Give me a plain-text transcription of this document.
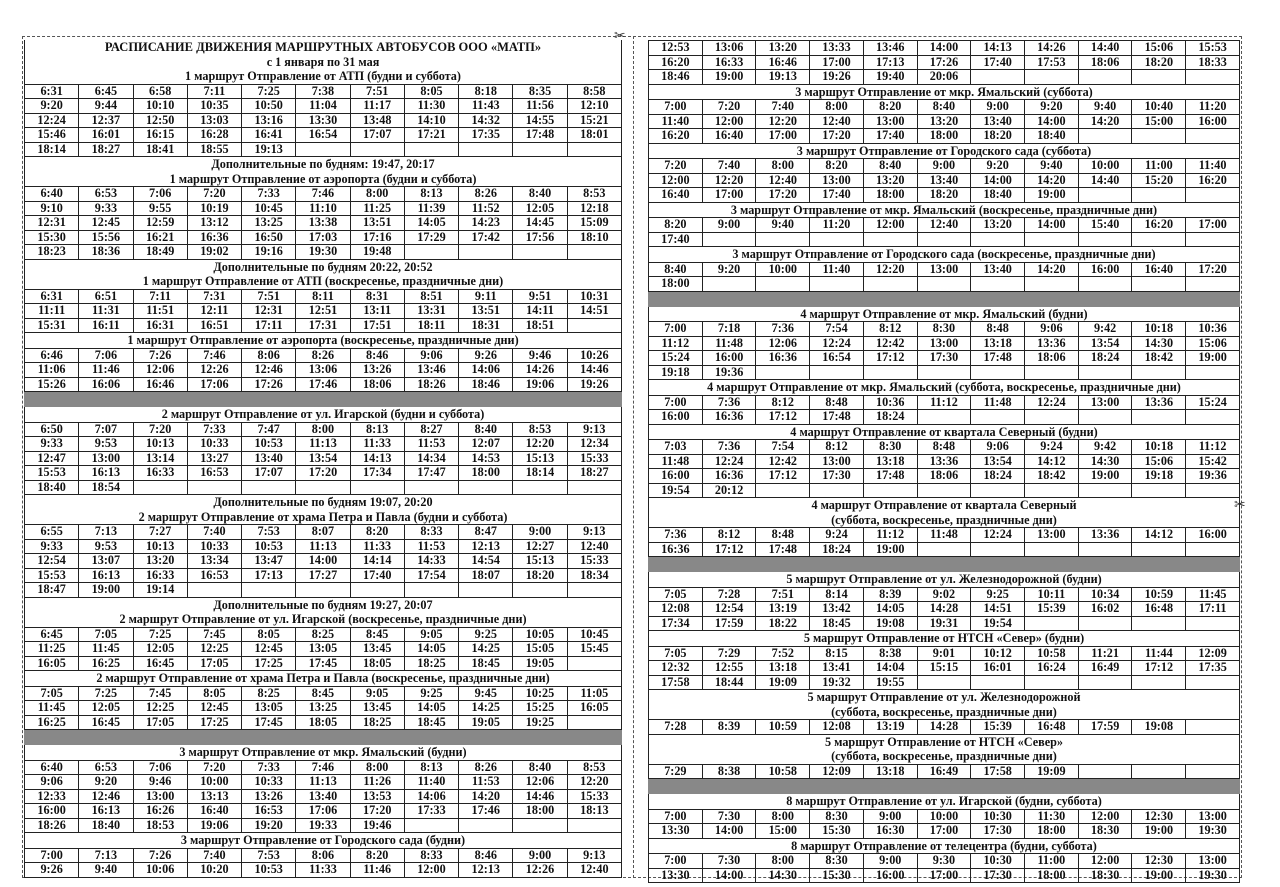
✂
✂
РАСПИСАНИЕ ДВИЖЕНИЯ МАРШРУТНЫХ АВТОБУСОВ ООО «МАТП»
с 1 января по 31 мая
1 маршрут Отправление от АТП (будни и суббота)
6:31	6:45	6:58	7:11	7:25	7:38	7:51	8:05	8:18	8:35	8:58
9:20	9:44	10:10	10:35	10:50	11:04	11:17	11:30	11:43	11:56	12:10
12:24	12:37	12:50	13:03	13:16	13:30	13:48	14:10	14:32	14:55	15:21
15:46	16:01	16:15	16:28	16:41	16:54	17:07	17:21	17:35	17:48	18:01
18:14	18:27	18:41	18:55	19:13						
Дополнительные по будням: 19:47, 20:17
1 маршрут Отправление от аэропорта (будни и суббота)
6:40	6:53	7:06	7:20	7:33	7:46	8:00	8:13	8:26	8:40	8:53
9:10	9:33	9:55	10:19	10:45	11:10	11:25	11:39	11:52	12:05	12:18
12:31	12:45	12:59	13:12	13:25	13:38	13:51	14:05	14:23	14:45	15:09
15:30	15:56	16:21	16:36	16:50	17:03	17:16	17:29	17:42	17:56	18:10
18:23	18:36	18:49	19:02	19:16	19:30	19:48				
Дополнительные по будням 20:22, 20:52
1 маршрут Отправление от АТП (воскресенье, праздничные дни)
6:31	6:51	7:11	7:31	7:51	8:11	8:31	8:51	9:11	9:51	10:31
11:11	11:31	11:51	12:11	12:31	12:51	13:11	13:31	13:51	14:11	14:51
15:31	16:11	16:31	16:51	17:11	17:31	17:51	18:11	18:31	18:51	
1 маршрут Отправление от аэропорта (воскресенье, праздничные дни)
6:46	7:06	7:26	7:46	8:06	8:26	8:46	9:06	9:26	9:46	10:26
11:06	11:46	12:06	12:26	12:46	13:06	13:26	13:46	14:06	14:26	14:46
15:26	16:06	16:46	17:06	17:26	17:46	18:06	18:26	18:46	19:06	19:26
2 маршрут Отправление от ул. Игарской (будни и суббота)
6:50	7:07	7:20	7:33	7:47	8:00	8:13	8:27	8:40	8:53	9:13
9:33	9:53	10:13	10:33	10:53	11:13	11:33	11:53	12:07	12:20	12:34
12:47	13:00	13:14	13:27	13:40	13:54	14:13	14:34	14:53	15:13	15:33
15:53	16:13	16:33	16:53	17:07	17:20	17:34	17:47	18:00	18:14	18:27
18:40	18:54									
Дополнительные по будням 19:07, 20:20
2 маршрут Отправление от храма Петра и Павла (будни и суббота)
6:55	7:13	7:27	7:40	7:53	8:07	8:20	8:33	8:47	9:00	9:13
9:33	9:53	10:13	10:33	10:53	11:13	11:33	11:53	12:13	12:27	12:40
12:54	13:07	13:20	13:34	13:47	14:00	14:14	14:33	14:54	15:13	15:33
15:53	16:13	16:33	16:53	17:13	17:27	17:40	17:54	18:07	18:20	18:34
18:47	19:00	19:14								
Дополнительные по будням 19:27, 20:07
2 маршрут Отправление от ул. Игарской (воскресенье, праздничные дни)
6:45	7:05	7:25	7:45	8:05	8:25	8:45	9:05	9:25	10:05	10:45
11:25	11:45	12:05	12:25	12:45	13:05	13:45	14:05	14:25	15:05	15:45
16:05	16:25	16:45	17:05	17:25	17:45	18:05	18:25	18:45	19:05	
2 маршрут Отправление от храма Петра и Павла (воскресенье, праздничные дни)
7:05	7:25	7:45	8:05	8:25	8:45	9:05	9:25	9:45	10:25	11:05
11:45	12:05	12:25	12:45	13:05	13:25	13:45	14:05	14:25	15:25	16:05
16:25	16:45	17:05	17:25	17:45	18:05	18:25	18:45	19:05	19:25	
3 маршрут Отправление от мкр. Ямальский (будни)
6:40	6:53	7:06	7:20	7:33	7:46	8:00	8:13	8:26	8:40	8:53
9:06	9:20	9:46	10:00	10:33	11:13	11:26	11:40	11:53	12:06	12:20
12:33	12:46	13:00	13:13	13:26	13:40	13:53	14:06	14:20	14:46	15:33
16:00	16:13	16:26	16:40	16:53	17:06	17:20	17:33	17:46	18:00	18:13
18:26	18:40	18:53	19:06	19:20	19:33	19:46				
3 маршрут Отправление от Городского сада (будни)
7:00	7:13	7:26	7:40	7:53	8:06	8:20	8:33	8:46	9:00	9:13
9:26	9:40	10:06	10:20	10:53	11:33	11:46	12:00	12:13	12:26	12:40
12:53	13:06	13:20	13:33	13:46	14:00	14:13	14:26	14:40	15:06	15:53
16:20	16:33	16:46	17:00	17:13	17:26	17:40	17:53	18:06	18:20	18:33
18:46	19:00	19:13	19:26	19:40	20:06					
3 маршрут Отправление от мкр. Ямальский (суббота)
7:00	7:20	7:40	8:00	8:20	8:40	9:00	9:20	9:40	10:40	11:20
11:40	12:00	12:20	12:40	13:00	13:20	13:40	14:00	14:20	15:00	16:00
16:20	16:40	17:00	17:20	17:40	18:00	18:20	18:40			
3 маршрут Отправление от Городского сада (суббота)
7:20	7:40	8:00	8:20	8:40	9:00	9:20	9:40	10:00	11:00	11:40
12:00	12:20	12:40	13:00	13:20	13:40	14:00	14:20	14:40	15:20	16:20
16:40	17:00	17:20	17:40	18:00	18:20	18:40	19:00			
3 маршрут Отправление от мкр. Ямальский (воскресенье, праздничные дни)
8:20	9:00	9:40	11:20	12:00	12:40	13:20	14:00	15:40	16:20	17:00
17:40										
3 маршрут Отправление от Городского сада (воскресенье, праздничные дни)
8:40	9:20	10:00	11:40	12:20	13:00	13:40	14:20	16:00	16:40	17:20
18:00										
4 маршрут Отправление от мкр. Ямальский (будни)
7:00	7:18	7:36	7:54	8:12	8:30	8:48	9:06	9:42	10:18	10:36
11:12	11:48	12:06	12:24	12:42	13:00	13:18	13:36	13:54	14:30	15:06
15:24	16:00	16:36	16:54	17:12	17:30	17:48	18:06	18:24	18:42	19:00
19:18	19:36									
4 маршрут Отправление от мкр. Ямальский (суббота, воскресенье, праздничные дни)
7:00	7:36	8:12	8:48	10:36	11:12	11:48	12:24	13:00	13:36	15:24
16:00	16:36	17:12	17:48	18:24						
4 маршрут Отправление от квартала Северный (будни)
7:03	7:36	7:54	8:12	8:30	8:48	9:06	9:24	9:42	10:18	11:12
11:48	12:24	12:42	13:00	13:18	13:36	13:54	14:12	14:30	15:06	15:42
16:00	16:36	17:12	17:30	17:48	18:06	18:24	18:42	19:00	19:18	19:36
19:54	20:12									
4 маршрут Отправление от квартала Северный
(суббота, воскресенье, праздничные дни)
7:36	8:12	8:48	9:24	11:12	11:48	12:24	13:00	13:36	14:12	16:00
16:36	17:12	17:48	18:24	19:00						
5 маршрут Отправление от ул. Железнодорожной (будни)
7:05	7:28	7:51	8:14	8:39	9:02	9:25	10:11	10:34	10:59	11:45
12:08	12:54	13:19	13:42	14:05	14:28	14:51	15:39	16:02	16:48	17:11
17:34	17:59	18:22	18:45	19:08	19:31	19:54				
5 маршрут Отправление от НТСН «Север» (будни)
7:05	7:29	7:52	8:15	8:38	9:01	10:12	10:58	11:21	11:44	12:09
12:32	12:55	13:18	13:41	14:04	15:15	16:01	16:24	16:49	17:12	17:35
17:58	18:44	19:09	19:32	19:55						
5 маршрут Отправление от ул. Железнодорожной
(суббота, воскресенье, праздничные дни)
7:28	8:39	10:59	12:08	13:19	14:28	15:39	16:48	17:59	19:08	
5 маршрут Отправление от НТСН «Север»
(суббота, воскресенье, праздничные дни)
7:29	8:38	10:58	12:09	13:18	16:49	17:58	19:09			
8 маршрут Отправление от ул. Игарской (будни, суббота)
7:00	7:30	8:00	8:30	9:00	10:00	10:30	11:30	12:00	12:30	13:00
13:30	14:00	15:00	15:30	16:30	17:00	17:30	18:00	18:30	19:00	19:30
8 маршрут Отправление от телецентра (будни, суббота)
7:00	7:30	8:00	8:30	9:00	9:30	10:30	11:00	12:00	12:30	13:00
13:30	14:00	14:30	15:30	16:00	17:00	17:30	18:00	18:30	19:00	19:30
